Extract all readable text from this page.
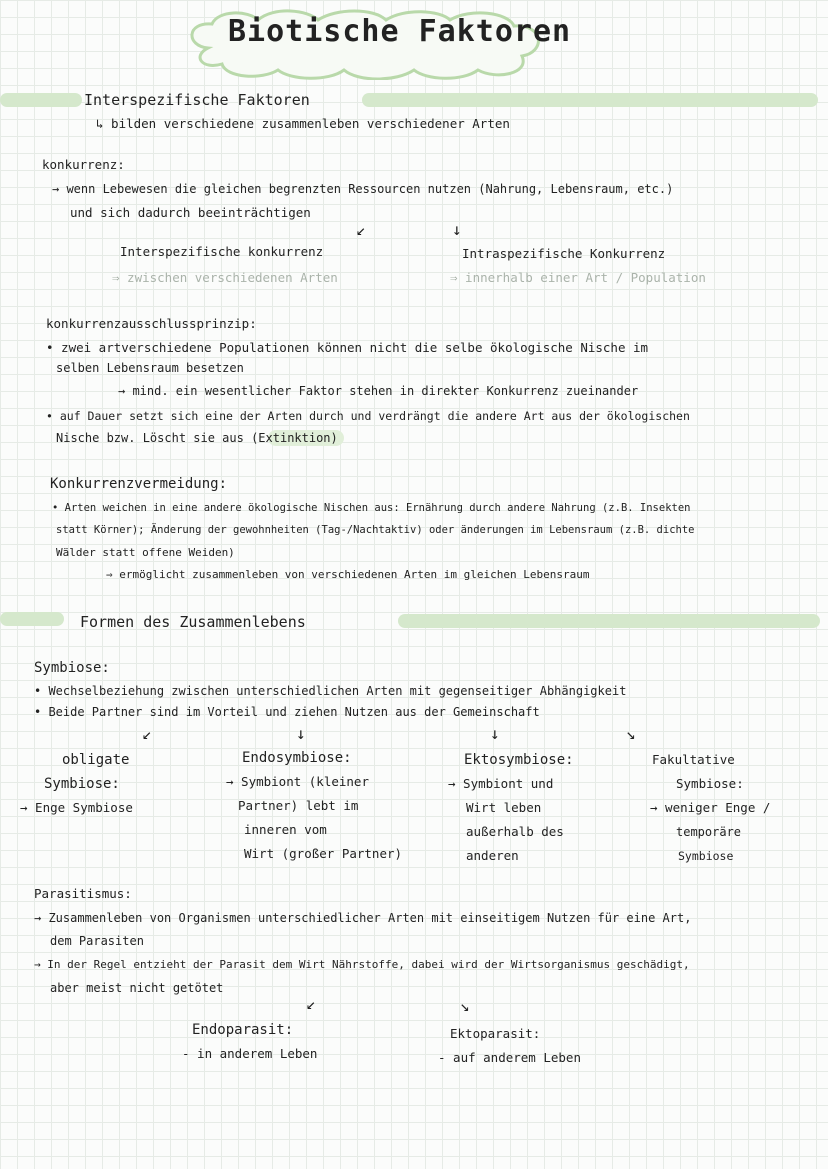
Biotische Faktoren
Interspezifische Faktoren
↳ bilden verschiedene zusammenleben verschiedener Arten
konkurrenz:
→ wenn Lebewesen die gleichen begrenzten Ressourcen nutzen (Nahrung, Lebensraum, etc.)
und sich dadurch beeinträchtigen
↙	↓
Interspezifische konkurrenz
⇒ zwischen verschiedenen Arten
Intraspezifische Konkurrenz
⇒ innerhalb einer Art / Population
konkurrenzausschlussprinzip:
• zwei artverschiedene Populationen können nicht die selbe ökologische Nische im
selben Lebensraum besetzen
→ mind. ein wesentlicher Faktor stehen in direkter Konkurrenz zueinander
• auf Dauer setzt sich eine der Arten durch und verdrängt die andere Art aus der ökologischen
Nische bzw. Löscht sie aus (Extinktion)
Konkurrenzvermeidung:
• Arten weichen in eine andere ökologische Nischen aus: Ernährung durch andere Nahrung (z.B. Insekten
statt Körner); Änderung der gewohnheiten (Tag-/Nachtaktiv) oder änderungen im Lebensraum (z.B. dichte
Wälder statt offene Weiden)
⇒ ermöglicht zusammenleben von verschiedenen Arten im gleichen Lebensraum
Formen des Zusammenlebens
Symbiose:
• Wechselbeziehung zwischen unterschiedlichen Arten mit gegenseitiger Abhängigkeit
• Beide Partner sind im Vorteil und ziehen Nutzen aus der Gemeinschaft
↙	↓	↓	↘
obligate
Symbiose:
→ Enge Symbiose
Endosymbiose:
→ Symbiont (kleiner
Partner) lebt im
inneren vom
Wirt (großer Partner)
Ektosymbiose:
→ Symbiont und
Wirt leben
außerhalb des
anderen
Fakultative
Symbiose:
→ weniger Enge /
temporäre
Symbiose
Parasitismus:
→ Zusammenleben von Organismen unterschiedlicher Arten mit einseitigem Nutzen für eine Art,
dem Parasiten
→ In der Regel entzieht der Parasit dem Wirt Nährstoffe, dabei wird der Wirtsorganismus geschädigt,
aber meist nicht getötet
↙	↘
Endoparasit:
- in anderem Leben
Ektoparasit:
- auf anderem Leben
